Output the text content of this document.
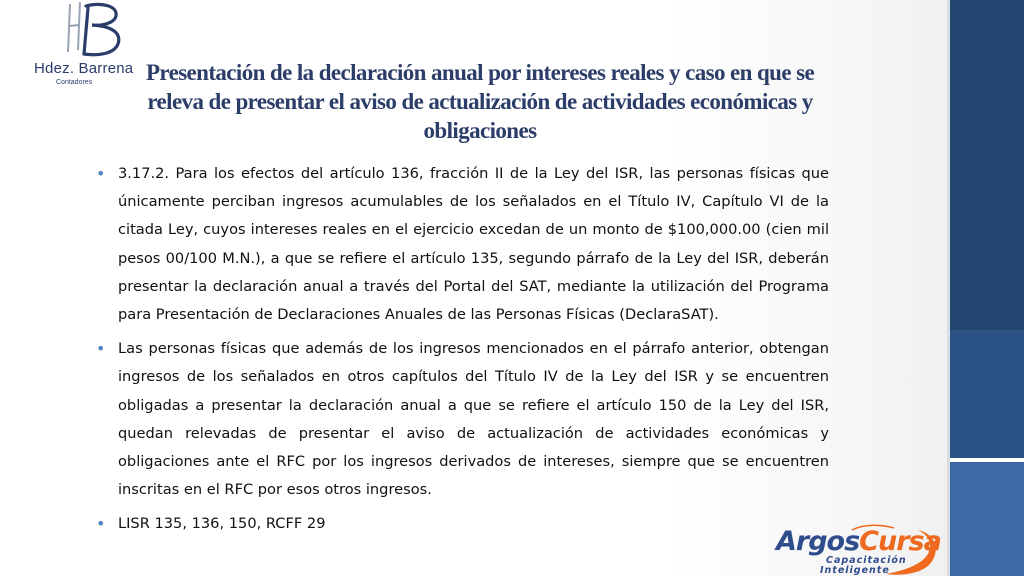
Hdez. Barrena
Contadores	Presentación de la declaración anual por intereses reales y caso en que se releva de presentar el aviso de actualización de actividades económicas y obligaciones
• 3.17.2. Para los efectos del artículo 136, fracción II de la Ley del ISR, las personas físicas que únicamente perciban ingresos acumulables de los señalados en el Título IV, Capítulo VI de la citada Ley, cuyos intereses reales en el ejercicio excedan de un monto de $100,000.00 (cien mil pesos 00/100 M.N.), a que se refiere el artículo 135, segundo párrafo de la Ley del ISR, deberán presentar la declaración anual a través del Portal del SAT, mediante la utilización del Programa para Presentación de Declaraciones Anuales de las Personas Físicas (DeclaraSAT).
• Las personas físicas que además de los ingresos mencionados en el párrafo anterior, obtengan ingresos de los señalados en otros capítulos del Título IV de la Ley del ISR y se encuentren obligadas a presentar la declaración anual a que se refiere el artículo 150 de la Ley del ISR, quedan relevadas de presentar el aviso de actualización de actividades económicas y obligaciones ante el RFC por los ingresos derivados de intereses, siempre que se encuentren inscritas en el RFC por esos otros ingresos.
• LISR 135, 136, 150, RCFF 29
ArgosCursa
Capacitación
Inteligente
